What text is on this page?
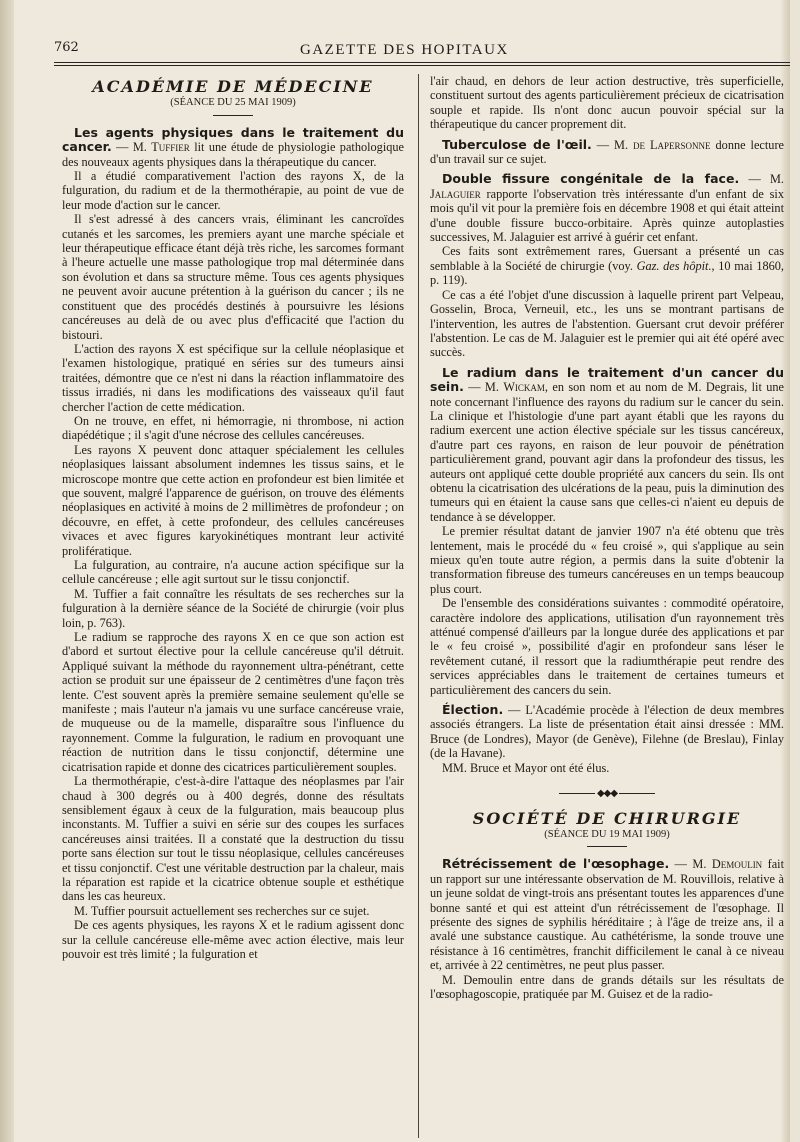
762	GAZETTE DES HOPITAUX
ACADÉMIE DE MÉDECINE
(SÉANCE DU 25 MAI 1909)

Les agents physiques dans le traitement du cancer. — M. Tuffier lit une étude de physiologie pathologique des nouveaux agents physiques dans la thérapeutique du cancer.

Il a étudié comparativement l'action des rayons X, de la fulguration, du radium et de la thermothérapie, au point de vue de leur mode d'action sur le cancer.

Il s'est adressé à des cancers vrais, éliminant les cancroïdes cutanés et les sarcomes, les premiers ayant une marche spéciale et leur thérapeutique efficace étant déjà très riche, les sarcomes formant à l'heure actuelle une masse pathologique trop mal déterminée dans son évolution et dans sa structure même. Tous ces agents physiques ne peuvent avoir aucune prétention à la guérison du cancer ; ils ne constituent que des procédés destinés à poursuivre les lésions cancéreuses au delà de ou avec plus d'efficacité que l'action du bistouri.

L'action des rayons X est spécifique sur la cellule néoplasique et l'examen histologique, pratiqué en séries sur des tumeurs ainsi traitées, démontre que ce n'est ni dans la réaction inflammatoire des tissus irradiés, ni dans les modifications des vaisseaux qu'il faut chercher l'action de cette médication.

On ne trouve, en effet, ni hémorragie, ni thrombose, ni action diapédétique ; il s'agit d'une nécrose des cellules cancéreuses.

Les rayons X peuvent donc attaquer spécialement les cellules néoplasiques laissant absolument indemnes les tissus sains, et le microscope montre que cette action en profondeur est bien limitée et que souvent, malgré l'apparence de guérison, on trouve des éléments néoplasiques en activité à moins de 2 millimètres de profondeur ; on découvre, en effet, à cette profondeur, des cellules cancéreuses vivaces et avec figures karyokinétiques montrant leur activité prolifératique.

La fulguration, au contraire, n'a aucune action spécifique sur la cellule cancéreuse ; elle agit surtout sur le tissu conjonctif.

M. Tuffier a fait connaître les résultats de ses recherches sur la fulguration à la dernière séance de la Société de chirurgie (voir plus loin, p. 763).

Le radium se rapproche des rayons X en ce que son action est d'abord et surtout élective pour la cellule cancéreuse qu'il détruit. Appliqué suivant la méthode du rayonnement ultra-pénétrant, cette action se produit sur une épaisseur de 2 centimètres d'une façon très lente. C'est souvent après la première semaine seulement qu'elle se manifeste ; mais l'auteur n'a jamais vu une surface cancéreuse vraie, de muqueuse ou de la mamelle, disparaître sous l'influence du rayonnement. Comme la fulguration, le radium en provoquant une réaction de nutrition dans le tissu conjonctif, détermine une cicatrisation rapide et donne des cicatrices particulièrement souples.

La thermothérapie, c'est-à-dire l'attaque des néoplasmes par l'air chaud à 300 degrés ou à 400 degrés, donne des résultats sensiblement égaux à ceux de la fulguration, mais beaucoup plus inconstants. M. Tuffier a suivi en série sur des coupes les surfaces cancéreuses ainsi traitées. Il a constaté que la destruction du tissu porte sans élection sur tout le tissu néoplasique, cellules cancéreuses et tissu conjonctif. C'est une véritable destruction par la chaleur, mais la réparation est rapide et la cicatrice obtenue souple et esthétique dans les cas heureux.

M. Tuffier poursuit actuellement ses recherches sur ce sujet.

De ces agents physiques, les rayons X et le radium agissent donc sur la cellule cancéreuse elle-même avec action élective, mais leur pouvoir est très limité ; la fulguration et

l'air chaud, en dehors de leur action destructive, très superficielle, constituent surtout des agents particulièrement précieux de cicatrisation souple et rapide. Ils n'ont donc aucun pouvoir spécial sur la thérapeutique du cancer proprement dit.

Tuberculose de l'œil. — M. de Lapersonne donne lecture d'un travail sur ce sujet.

Double fissure congénitale de la face. — M. Jalaguier rapporte l'observation très intéressante d'un enfant de six mois qu'il vit pour la première fois en décembre 1908 et qui était atteint d'une double fissure bucco-orbitaire. Après quinze autoplasties successives, M. Jalaguier est arrivé à guérir cet enfant.

Ces faits sont extrêmement rares, Guersant a présenté un cas semblable à la Société de chirurgie (voy. Gaz. des hôpit., 10 mai 1860, p. 119).

Ce cas a été l'objet d'une discussion à laquelle prirent part Velpeau, Gosselin, Broca, Verneuil, etc., les uns se montrant partisans de l'intervention, les autres de l'abstention. Guersant crut devoir préférer l'abstention. Le cas de M. Jalaguier est le premier qui ait été opéré avec succès.

Le radium dans le traitement d'un cancer du sein. — M. Wickam, en son nom et au nom de M. Degrais, lit une note concernant l'influence des rayons du radium sur le cancer du sein. La clinique et l'histologie d'une part ayant établi que les rayons du radium exercent une action élective spéciale sur les tissus cancéreux, d'autre part ces rayons, en raison de leur pouvoir de pénétration particulièrement grand, pouvant agir dans la profondeur des tissus, les auteurs ont appliqué cette double propriété aux cancers du sein. Ils ont obtenu la cicatrisation des ulcérations de la peau, puis la diminution des tumeurs qui en étaient la cause sans que celles-ci n'aient eu depuis de tendance à se développer.

Le premier résultat datant de janvier 1907 n'a été obtenu que très lentement, mais le procédé du « feu croisé », qui s'applique au sein mieux qu'en toute autre région, a permis dans la suite d'obtenir la transformation fibreuse des tumeurs cancéreuses en un temps beaucoup plus court.

De l'ensemble des considérations suivantes : commodité opératoire, caractère indolore des applications, utilisation d'un rayonnement très atténué compensé d'ailleurs par la longue durée des applications et par le « feu croisé », possibilité d'agir en profondeur sans léser le revêtement cutané, il ressort que la radiumthérapie peut rendre des services appréciables dans le traitement de certaines tumeurs et particulièrement des cancers du sein.

Élection. — L'Académie procède à l'élection de deux membres associés étrangers. La liste de présentation était ainsi dressée : MM. Bruce (de Londres), Mayor (de Genève), Filehne (de Breslau), Finlay (de la Havane).

MM. Bruce et Mayor ont été élus.

◆◆◆
SOCIÉTÉ DE CHIRURGIE
(SÉANCE DU 19 MAI 1909)

Rétrécissement de l'œsophage. — M. Demoulin fait un rapport sur une intéressante observation de M. Rouvillois, relative à un jeune soldat de vingt-trois ans présentant toutes les apparences d'une bonne santé et qui est atteint d'un rétrécissement de l'œsophage. Il présente des signes de syphilis héréditaire ; à l'âge de treize ans, il a avalé une substance caustique. Au cathétérisme, la sonde trouve une résistance à 16 centimètres, franchit difficilement le canal à ce niveau et, arrivée à 22 centimètres, ne peut plus passer.

M. Demoulin entre dans de grands détails sur les résultats de l'œsophagoscopie, pratiquée par M. Guisez et de la radio-
